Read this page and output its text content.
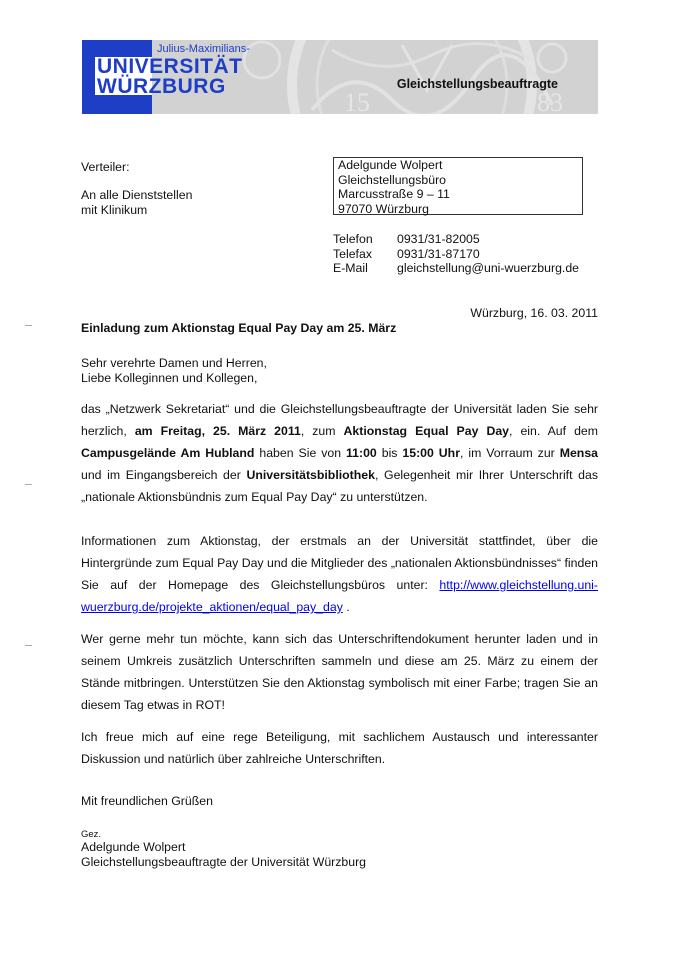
15	83
Julius-Maximilians-
UNIVERSITÄT
WÜRZBURG	Gleichstellungsbeauftragte
Verteiler:
An alle Dienststellen
mit Klinikum
Adelgunde Wolpert
Gleichstellungsbüro
Marcusstraße 9 – 11
97070 Würzburg
Telefon	0931/31-82005
Telefax	0931/31-87170
E-Mail	gleichstellung@uni-wuerzburg.de
Würzburg, 16. 03. 2011
Einladung zum Aktionstag Equal Pay Day am 25. März
Sehr verehrte Damen und Herren,
Liebe Kolleginnen und Kollegen,
das „Netzwerk Sekretariat“ und die Gleichstellungsbeauftragte der Universität laden Sie sehr herzlich, am Freitag, 25. März 2011, zum Aktionstag Equal Pay Day, ein. Auf dem Campusgelände Am Hubland haben Sie von 11:00 bis 15:00 Uhr, im Vorraum zur Mensa und im Eingangsbereich der Universitätsbibliothek, Gelegenheit mir Ihrer Unterschrift das „nationale Aktionsbündnis zum Equal Pay Day“ zu unterstützen.
Informationen zum Aktionstag, der erstmals an der Universität stattfindet, über die Hintergründe zum Equal Pay Day und die Mitglieder des „nationalen Aktionsbündnisses“ finden Sie auf der Homepage des Gleichstellungsbüros unter: http://www.gleichstellung.uni-wuerzburg.de/projekte_aktionen/equal_pay_day .
Wer gerne mehr tun möchte, kann sich das Unterschriftendokument herunter laden und in seinem Umkreis zusätzlich Unterschriften sammeln und diese am 25. März zu einem der Stände mitbringen. Unterstützen Sie den Aktionstag symbolisch mit einer Farbe; tragen Sie an diesem Tag etwas in ROT!
Ich freue mich auf eine rege Beteiligung, mit sachlichem Austausch und interessanter Diskussion und natürlich über zahlreiche Unterschriften.
Mit freundlichen Grüßen
Gez.
Adelgunde Wolpert
Gleichstellungsbeauftragte der Universität Würzburg
